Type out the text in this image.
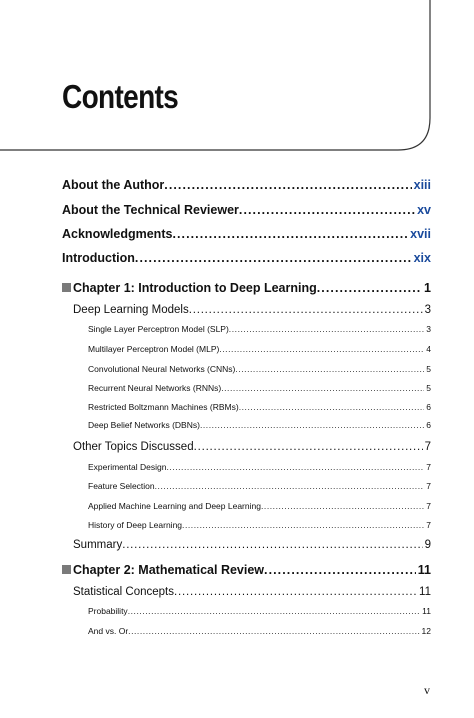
Contents
About the Author . . .	xiii
About the Technical Reviewer . . .	xv
Acknowledgments . . .	xvii
Introduction . . .	xix
Chapter 1: Introduction to Deep Learning . . .	1
Deep Learning Models . . .	3
Single Layer Perceptron Model (SLP) . . .	3
Multilayer Perceptron Model (MLP) . . .	4
Convolutional Neural Networks (CNNs) . . .	5
Recurrent Neural Networks (RNNs) . . .	5
Restricted Boltzmann Machines (RBMs) . . .	6
Deep Belief Networks (DBNs) . . .	6
Other Topics Discussed . . .	7
Experimental Design . . .	7
Feature Selection . . .	7
Applied Machine Learning and Deep Learning . . .	7
History of Deep Learning . . .	7
Summary . . .	9
Chapter 2: Mathematical Review . . .	11
Statistical Concepts . . .	11
Probability . . .	11
And vs. Or . . .	12
v
